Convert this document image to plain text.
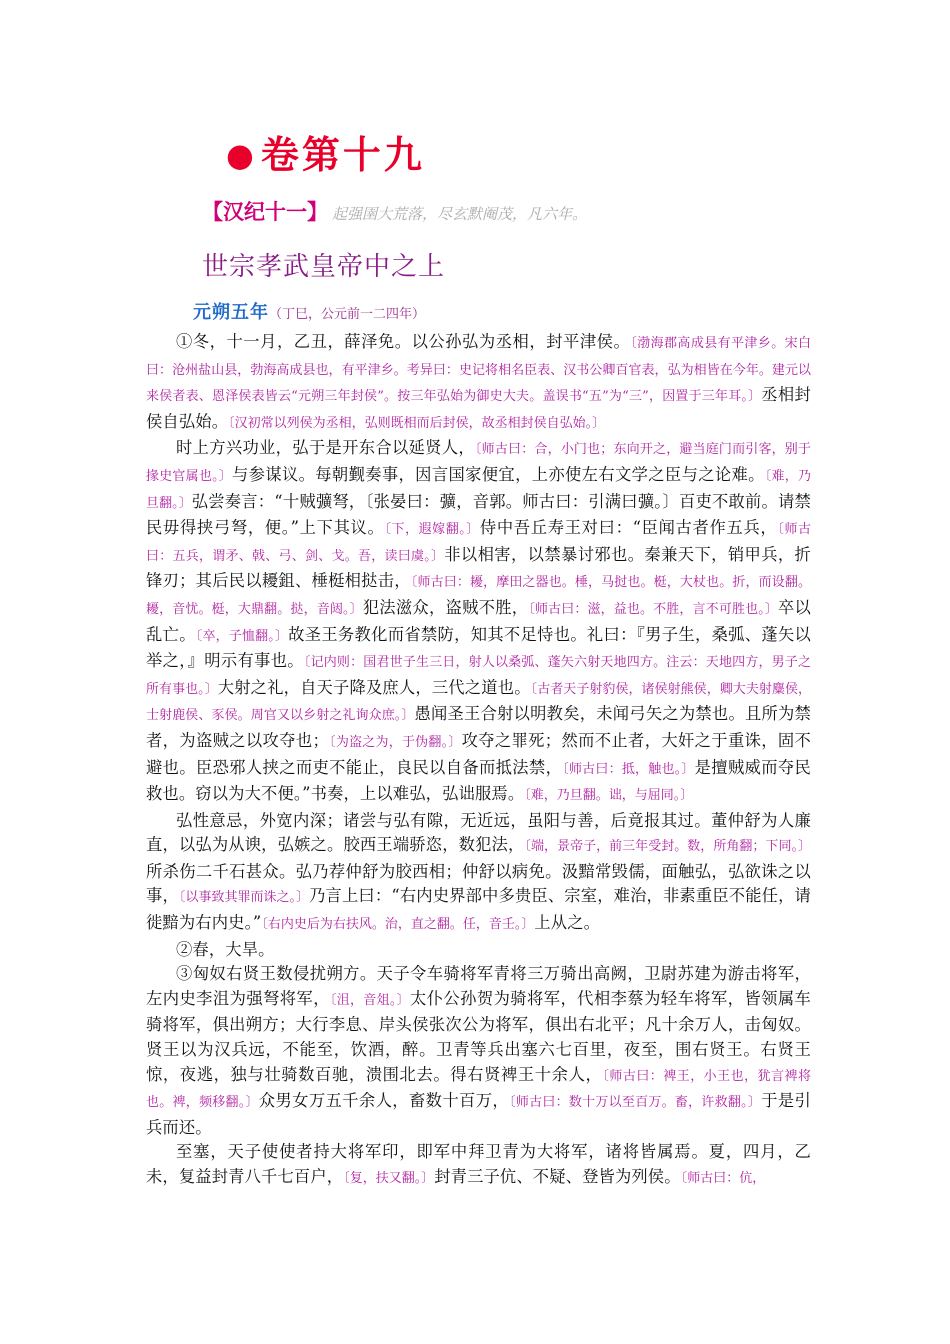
● 卷第十九
【汉纪十一】 起强圉大荒落，尽玄默阉茂，凡六年。
世宗孝武皇帝中之上
元朔五年（丁巳，公元前一二四年）

①冬，十一月，乙丑，薛泽免。以公孙弘为丞相，封平津侯。〔渤海郡高成县有平津乡。宋白曰：沧州盐山县，勃海高成县也，有平津乡。考异曰：史记将相名臣表、汉书公卿百官表，弘为相皆在今年。建元以来侯者表、恩泽侯表皆云“元朔三年封侯”。按三年弘始为御史大夫。盖误书“五”为“三”，因置于三年耳。〕丞相封侯自弘始。〔汉初常以列侯为丞相，弘则既相而后封侯，故丞相封侯自弘始。〕

时上方兴功业，弘于是开东合以延贤人，〔师古曰：合，小门也；东向开之，避当庭门而引客，别于掾史官属也。〕与参谋议。每朝觐奏事，因言国家便宜，上亦使左右文学之臣与之论难。〔难，乃旦翻。〕弘尝奏言：“十贼彍弩，〔张晏曰：彍，音郭。师古曰：引满曰彍。〕百吏不敢前。请禁民毋得挟弓弩，便。”上下其议。〔下，遐嫁翻。〕侍中吾丘寿王对曰：“臣闻古者作五兵，〔师古曰：五兵，谓矛、戟、弓、剑、戈。吾，读曰虞。〕非以相害，以禁暴讨邪也。秦兼天下，销甲兵，折锋刃；其后民以耰鉏、棰梃相挞击，〔师古曰：耰，摩田之器也。棰，马挝也。梃，大杖也。折，而设翻。耰，音忧。梃，大鼎翻。挞，音闼。〕犯法滋众，盗贼不胜，〔师古曰：滋，益也。不胜，言不可胜也。〕卒以乱亡。〔卒，子恤翻。〕故圣王务教化而省禁防，知其不足恃也。礼曰：『男子生，桑弧、蓬矢以举之，』明示有事也。〔记内则：国君世子生三日，射人以桑弧、蓬矢六射天地四方。注云：天地四方，男子之所有事也。〕大射之礼，自天子降及庶人，三代之道也。〔古者天子射豹侯，诸侯射熊侯，卿大夫射麋侯，士射鹿侯、豕侯。周官又以乡射之礼询众庶。〕愚闻圣王合射以明教矣，未闻弓矢之为禁也。且所为禁者，为盗贼之以攻夺也；〔为盗之为，于伪翻。〕攻夺之罪死；然而不止者，大奸之于重诛，固不避也。臣恐邪人挟之而吏不能止，良民以自备而抵法禁，〔师古曰：抵，触也。〕是擅贼威而夺民救也。窃以为大不便。”书奏，上以难弘，弘诎服焉。〔难，乃旦翻。诎，与屈同。〕

弘性意忌，外宽内深；诸尝与弘有隙，无近远，虽阳与善，后竟报其过。董仲舒为人廉直，以弘为从谀，弘嫉之。胶西王端骄恣，数犯法，〔端，景帝子，前三年受封。数，所角翻；下同。〕所杀伤二千石甚众。弘乃荐仲舒为胶西相；仲舒以病免。汲黯常毁儒，面触弘，弘欲诛之以事，〔以事致其罪而诛之。〕乃言上曰：“右内史界部中多贵臣、宗室，难治，非素重臣不能任，请徙黯为右内史。”〔右内史后为右扶风。治，直之翻。任，音壬。〕上从之。

②春，大旱。

③匈奴右贤王数侵扰朔方。天子令车骑将军青将三万骑出高阙，卫尉苏建为游击将军，左内史李沮为强弩将军，〔沮，音俎。〕太仆公孙贺为骑将军，代相李蔡为轻车将军，皆领属车骑将军，俱出朔方；大行李息、岸头侯张次公为将军，俱出右北平；凡十余万人，击匈奴。贤王以为汉兵远，不能至，饮酒，醉。卫青等兵出塞六七百里，夜至，围右贤王。右贤王惊，夜逃，独与壮骑数百驰，溃围北去。得右贤裨王十余人，〔师古曰：裨王，小王也，犹言裨将也。裨，频移翻。〕众男女万五千余人，畜数十百万，〔师古曰：数十万以至百万。畜，许救翻。〕于是引兵而还。

至塞，天子使使者持大将军印，即军中拜卫青为大将军，诸将皆属焉。夏，四月，乙未，复益封青八千七百户，〔复，扶又翻。〕封青三子伉、不疑、登皆为列侯。〔师古曰：伉，
